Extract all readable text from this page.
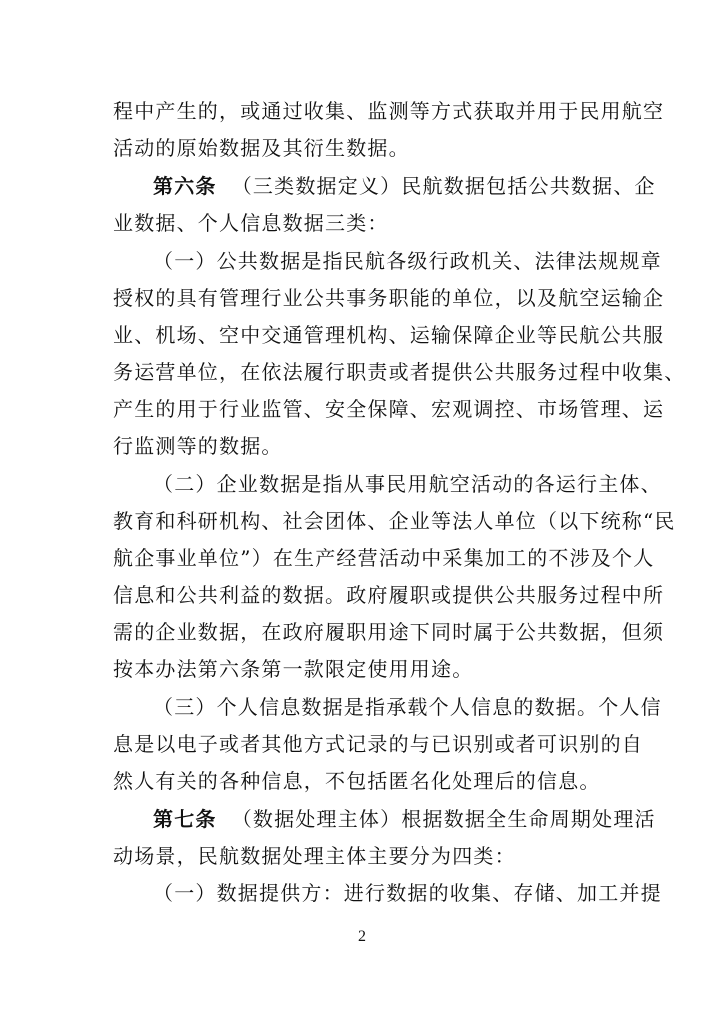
程中产生的，或通过收集、监测等方式获取并用于民用航空
活动的原始数据及其衍生数据。
第六条 （三类数据定义）民航数据包括公共数据、企
业数据、个人信息数据三类：
（一）公共数据是指民航各级行政机关、法律法规规章
授权的具有管理行业公共事务职能的单位，以及航空运输企
业、机场、空中交通管理机构、运输保障企业等民航公共服
务运营单位，在依法履行职责或者提供公共服务过程中收集、
产生的用于行业监管、安全保障、宏观调控、市场管理、运
行监测等的数据。
（二）企业数据是指从事民用航空活动的各运行主体、
教育和科研机构、社会团体、企业等法人单位（以下统称“民
航企事业单位”）在生产经营活动中采集加工的不涉及个人
信息和公共利益的数据。政府履职或提供公共服务过程中所
需的企业数据，在政府履职用途下同时属于公共数据，但须
按本办法第六条第一款限定使用用途。
（三）个人信息数据是指承载个人信息的数据。个人信
息是以电子或者其他方式记录的与已识别或者可识别的自
然人有关的各种信息，不包括匿名化处理后的信息。
第七条 （数据处理主体）根据数据全生命周期处理活
动场景，民航数据处理主体主要分为四类：
（一）数据提供方：进行数据的收集、存储、加工并提
2
